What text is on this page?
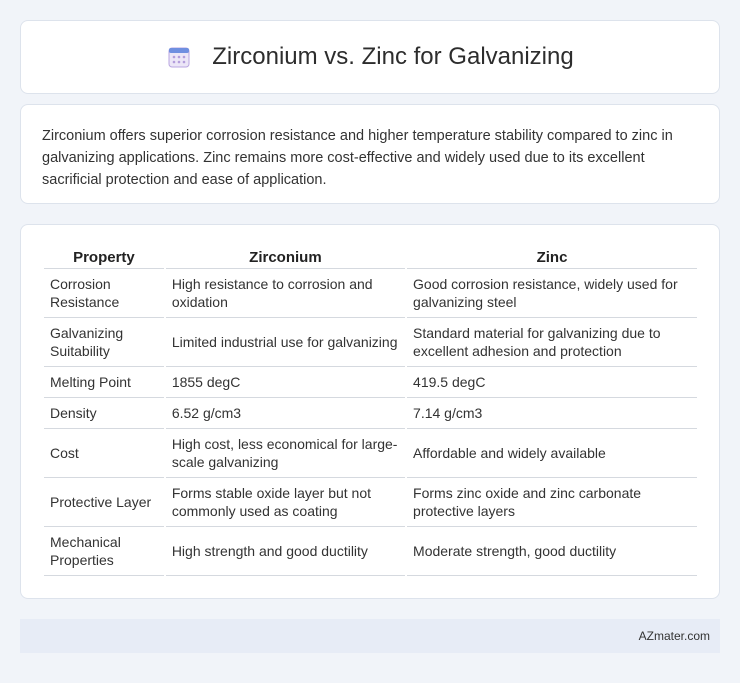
Zirconium vs. Zinc for Galvanizing

Zirconium offers superior corrosion resistance and higher temperature stability compared to zinc in galvanizing applications. Zinc remains more cost-effective and widely used due to its excellent sacrificial protection and ease of application.

Property	Zirconium	Zinc
Corrosion Resistance	High resistance to corrosion and oxidation	Good corrosion resistance, widely used for galvanizing steel
Galvanizing Suitability	Limited industrial use for galvanizing	Standard material for galvanizing due to excellent adhesion and protection
Melting Point	1855 degC	419.5 degC
Density	6.52 g/cm3	7.14 g/cm3
Cost	High cost, less economical for large-scale galvanizing	Affordable and widely available
Protective Layer	Forms stable oxide layer but not commonly used as coating	Forms zinc oxide and zinc carbonate protective layers
Mechanical Properties	High strength and good ductility	Moderate strength, good ductility
AZmater.com
